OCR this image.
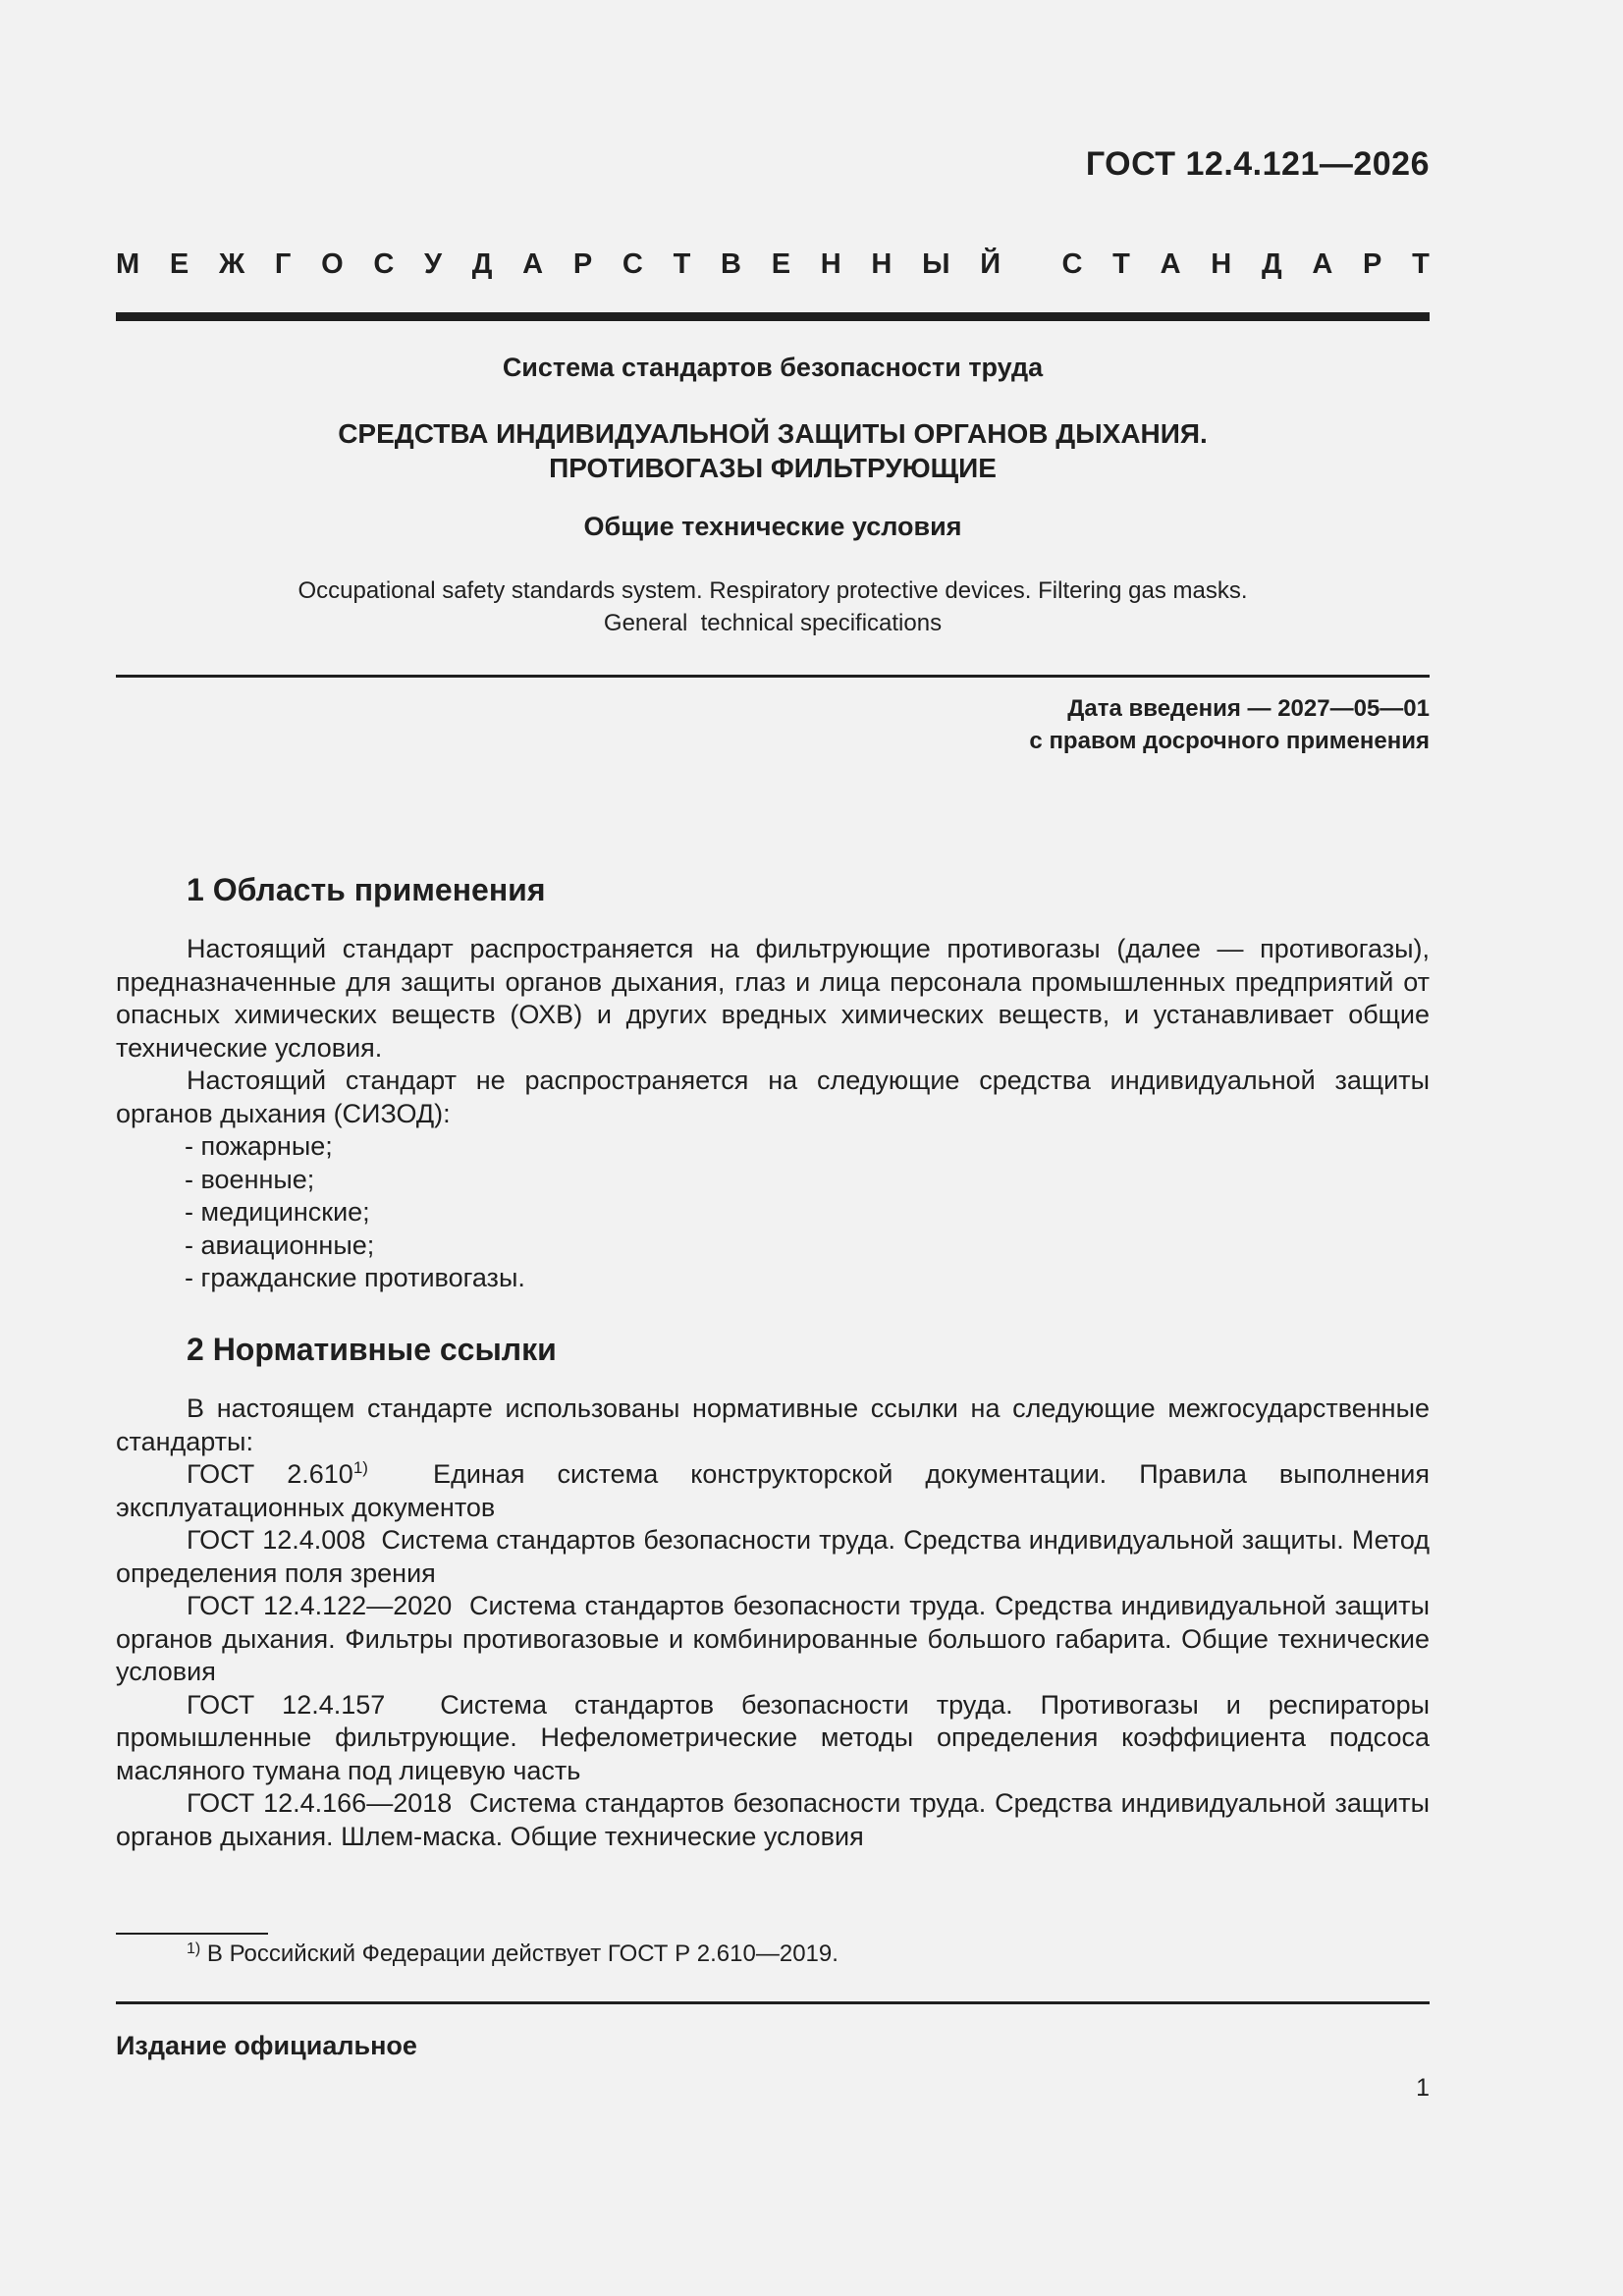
ГОСТ 12.4.121—2026
М Е Ж Г О С У Д А Р С Т В Е Н Н Ы Й С Т А Н Д А Р Т
Система стандартов безопасности труда
СРЕДСТВА ИНДИВИДУАЛЬНОЙ ЗАЩИТЫ ОРГАНОВ ДЫХАНИЯ.
ПРОТИВОГАЗЫ ФИЛЬТРУЮЩИЕ
Общие технические условия
Occupational safety standards system. Respiratory protective devices. Filtering gas masks.
General  technical specifications
Дата введения — 2027—05—01
с правом досрочного применения
1 Область применения

Настоящий стандарт распространяется на фильтрующие противогазы (далее — противогазы), предназначенные для защиты органов дыхания, глаз и лица персонала промышленных предприятий от опасных химических веществ (ОХВ) и других вредных химических веществ, и устанавливает общие технические условия.

Настоящий стандарт не распространяется на следующие средства индивидуальной защиты органов дыхания (СИЗОД):

- пожарные;
- военные;
- медицинские;
- авиационные;
- гражданские противогазы.
2 Нормативные ссылки

В настоящем стандарте использованы нормативные ссылки на следующие межгосударственные стандарты:

ГОСТ 2.610$^{1)}$  Единая система конструкторской документации. Правила выполнения эксплуатационных документов

ГОСТ 12.4.008  Система стандартов безопасности труда. Средства индивидуальной защиты. Метод определения поля зрения

ГОСТ 12.4.122—2020  Система стандартов безопасности труда. Средства индивидуальной защиты органов дыхания. Фильтры противогазовые и комбинированные большого габарита. Общие технические условия

ГОСТ 12.4.157  Система стандартов безопасности труда. Противогазы и респираторы промышленные фильтрующие. Нефелометрические методы определения коэффициента подсоса масляного тумана под лицевую часть

ГОСТ 12.4.166—2018  Система стандартов безопасности труда. Средства индивидуальной защиты органов дыхания. Шлем-маска. Общие технические условия

$^{1)}$ В Российский Федерации действует ГОСТ Р 2.610—2019.
Издание официальное
1
